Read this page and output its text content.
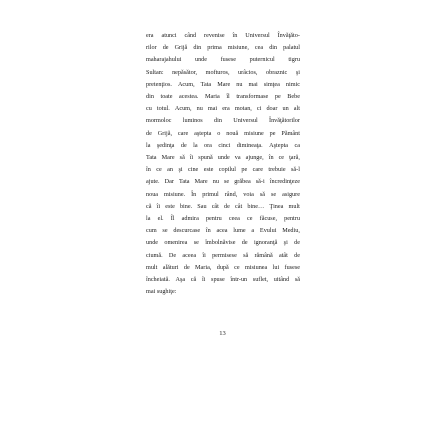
era atunci când revenise în Universul Învăţăto-
rilor de Grijă din prima misiune, cea din palatul
maharajahului unde fusese puternicul tigru
Sultan: nepăsător, mofturos, urâcios, obraznic şi
pretenţios. Acum, Tata Mare nu mai simţea nimic
din toate acestea. Maria îl transformase pe Bebe
cu totul. Acum, nu mai era motan, ci doar un alt
mormoloc luminos din Universul Învăţătorilor
de Grijă, care aştepta o nouă misiune pe Pământ
la şedinţa de la ora cinci dimineaţa. Aştepta ca
Tata Mare să îi spună unde va ajunge, în ce ţară,
în ce an şi cine este copilul pe care trebuie să-l
ajute. Dar Tata Mare nu se grăbea să-i încredinţeze
noua misiune. În primul rând, voia să se asigure
că îi este bine. Sau cât de cât bine… Ţinea mult
la el. Îl admira pentru ceea ce făcuse, pentru
cum se descurcase în acea lume a Evului Mediu,
unde omenirea se îmbolnăvise de ignoranţă şi de
ciumă. De aceea îi permisese să rămână atât de
mult alături de Maria, după ce misiunea lui fusese
încheiată. Aşa că îi spuse într-un suflet, uitând să
mai sughiţe:
13
